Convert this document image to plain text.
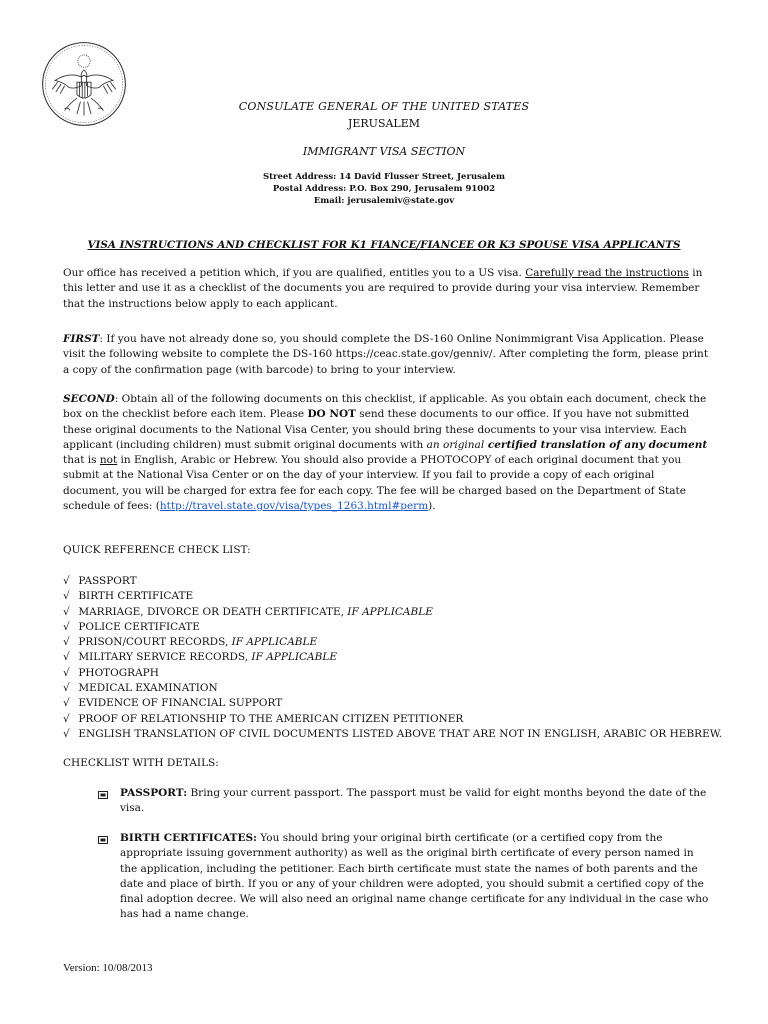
CONSULATE GENERAL OF THE UNITED STATES
JERUSALEM
IMMIGRANT VISA SECTION
Street Address: 14 David Flusser Street, Jerusalem
Postal Address: P.O. Box 290, Jerusalem 91002
Email: jerusalemiv@state.gov
VISA INSTRUCTIONS AND CHECKLIST FOR K1 FIANCE/FIANCEE OR K3 SPOUSE VISA APPLICANTS
Our office has received a petition which, if you are qualified, entitles you to a US visa. Carefully read the instructions in this letter and use it as a checklist of the documents you are required to provide during your visa interview. Remember that the instructions below apply to each applicant.
FIRST: If you have not already done so, you should complete the DS-160 Online Nonimmigrant Visa Application. Please visit the following website to complete the DS-160 https://ceac.state.gov/genniv/. After completing the form, please print a copy of the confirmation page (with barcode) to bring to your interview.
SECOND: Obtain all of the following documents on this checklist, if applicable. As you obtain each document, check the box on the checklist before each item. Please DO NOT send these documents to our office. If you have not submitted these original documents to the National Visa Center, you should bring these documents to your visa interview. Each applicant (including children) must submit original documents with an original certified translation of any document that is not in English, Arabic or Hebrew. You should also provide a PHOTOCOPY of each original document that you submit at the National Visa Center or on the day of your interview. If you fail to provide a copy of each original document, you will be charged for extra fee for each copy. The fee will be charged based on the Department of State schedule of fees: (http://travel.state.gov/visa/types_1263.html#perm).
QUICK REFERENCE CHECK LIST:
√ PASSPORT
√ BIRTH CERTIFICATE
√ MARRIAGE, DIVORCE OR DEATH CERTIFICATE, IF APPLICABLE
√ POLICE CERTIFICATE
√ PRISON/COURT RECORDS, IF APPLICABLE
√ MILITARY SERVICE RECORDS, IF APPLICABLE
√ PHOTOGRAPH
√ MEDICAL EXAMINATION
√ EVIDENCE OF FINANCIAL SUPPORT
√ PROOF OF RELATIONSHIP TO THE AMERICAN CITIZEN PETITIONER
√ ENGLISH TRANSLATION OF CIVIL DOCUMENTS LISTED ABOVE THAT ARE NOT IN ENGLISH, ARABIC OR HEBREW.
CHECKLIST WITH DETAILS:
PASSPORT: Bring your current passport. The passport must be valid for eight months beyond the date of the visa.
BIRTH CERTIFICATES: You should bring your original birth certificate (or a certified copy from the appropriate issuing government authority) as well as the original birth certificate of every person named in the application, including the petitioner. Each birth certificate must state the names of both parents and the date and place of birth. If you or any of your children were adopted, you should submit a certified copy of the final adoption decree. We will also need an original name change certificate for any individual in the case who has had a name change.
Version: 10/08/2013
